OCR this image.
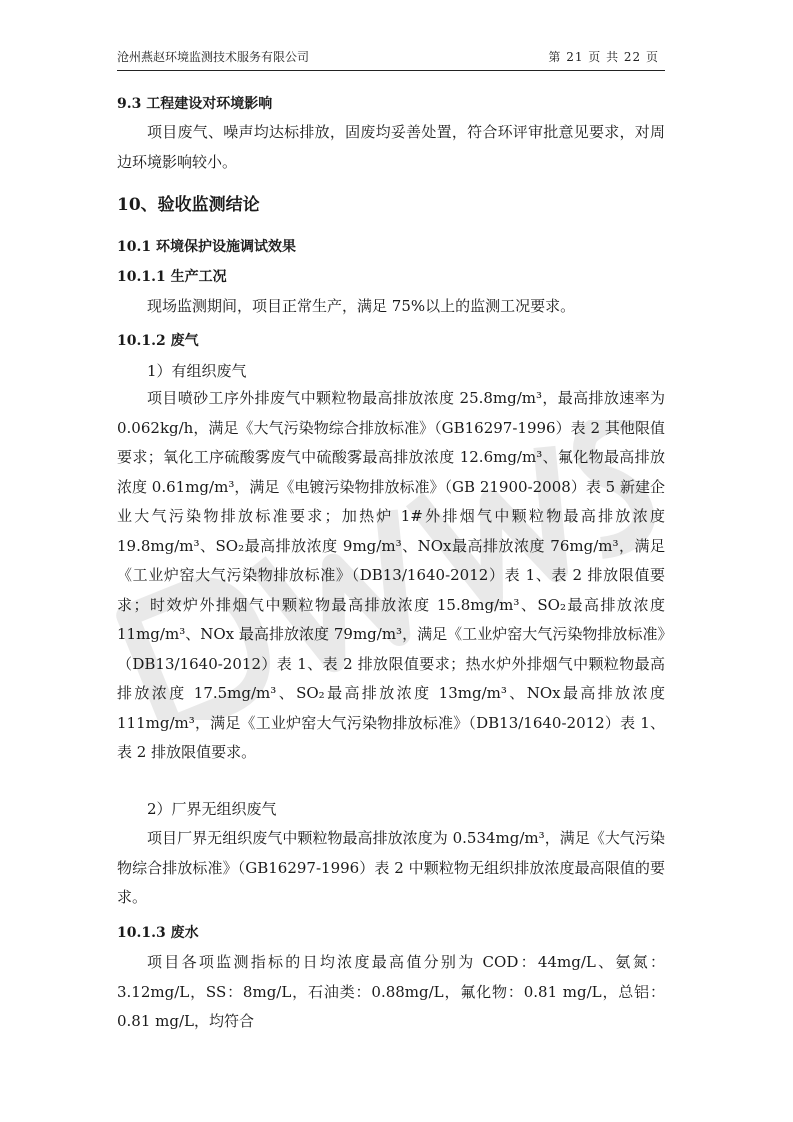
沧州燕赵环境监测技术服务有限公司	第 21 页 共 22 页
9.3 工程建设对环境影响

项目废气、噪声均达标排放，固废均妥善处置，符合环评审批意见要求，对周边环境影响较小。

10、验收监测结论
10.1 环境保护设施调试效果
10.1.1 生产工况

现场监测期间，项目正常生产，满足 75%以上的监测工况要求。

10.1.2 废气
1）有组织废气

项目喷砂工序外排废气中颗粒物最高排放浓度 25.8mg/m³，最高排放速率为 0.062kg/h，满足《大气污染物综合排放标准》（GB16297-1996）表 2 其他限值要求；氧化工序硫酸雾废气中硫酸雾最高排放浓度 12.6mg/m³、氟化物最高排放浓度 0.61mg/m³，满足《电镀污染物排放标准》（GB 21900-2008）表 5 新建企业大气污染物排放标准要求；加热炉 1#外排烟气中颗粒物最高排放浓度 19.8mg/m³、SO₂最高排放浓度 9mg/m³、NOx最高排放浓度 76mg/m³，满足《工业炉窑大气污染物排放标准》（DB13/1640-2012）表 1、表 2 排放限值要求；时效炉外排烟气中颗粒物最高排放浓度 15.8mg/m³、SO₂最高排放浓度 11mg/m³、NOx 最高排放浓度 79mg/m³，满足《工业炉窑大气污染物排放标准》（DB13/1640-2012）表 1、表 2 排放限值要求；热水炉外排烟气中颗粒物最高排放浓度 17.5mg/m³、SO₂最高排放浓度 13mg/m³、NOx最高排放浓度 111mg/m³，满足《工业炉窑大气污染物排放标准》（DB13/1640-2012）表 1、表 2 排放限值要求。

2）厂界无组织废气

项目厂界无组织废气中颗粒物最高排放浓度为 0.534mg/m³，满足《大气污染物综合排放标准》（GB16297-1996）表 2 中颗粒物无组织排放浓度最高限值的要求。

10.1.3 废水

项目各项监测指标的日均浓度最高值分别为 COD：44mg/L、氨氮：3.12mg/L，SS：8mg/L，石油类：0.88mg/L，氟化物：0.81 mg/L，总铝：0.81 mg/L，均符合
